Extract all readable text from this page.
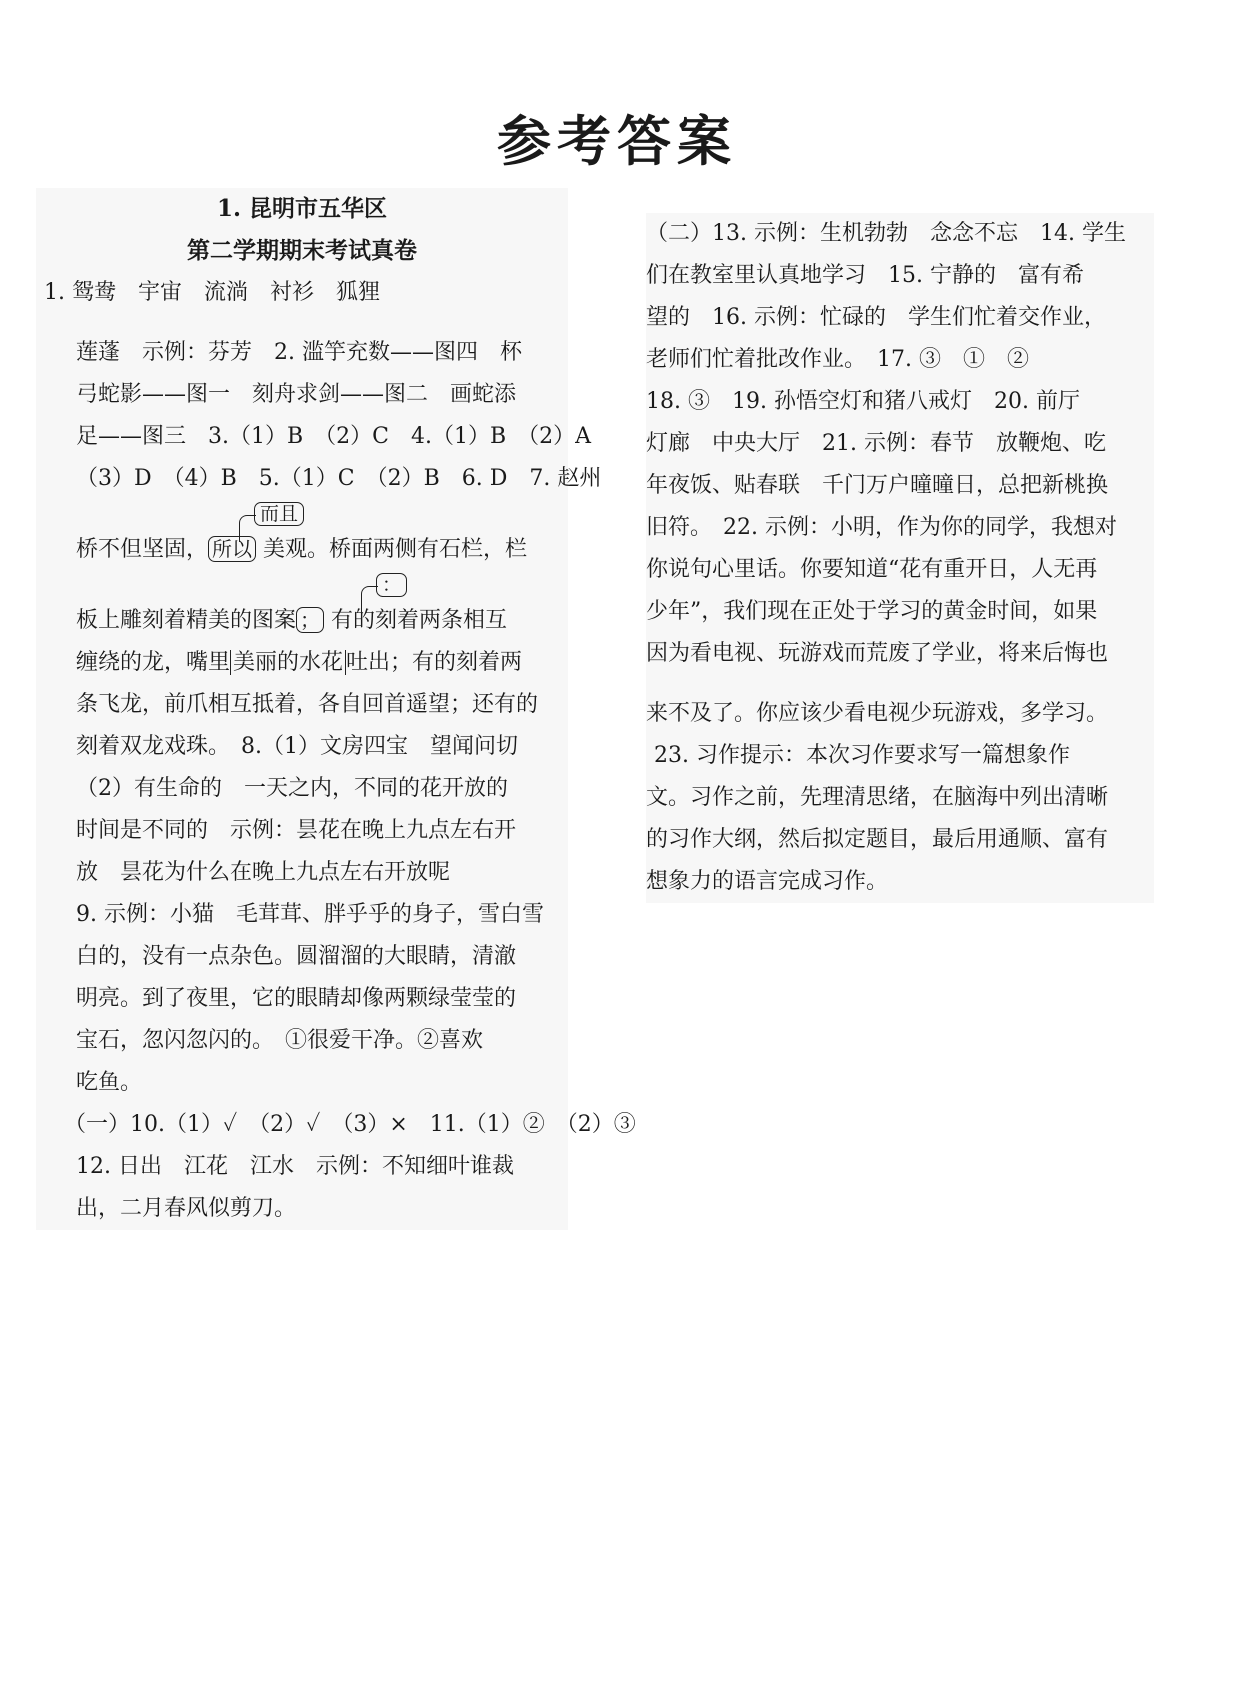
参考答案
1. 昆明市五华区
第二学期期末考试真卷
1. 鸳鸯　宇宙　流淌　衬衫　狐狸
莲蓬　示例：芬芳　2. 滥竽充数——图四　杯
弓蛇影——图一　刻舟求剑——图二　画蛇添
足——图三　3.（1）B　（2）C　4.（1）B　（2）A
（3）D　（4）B　5.（1）C　（2）B　6. D　7. 赵州
而且
桥不但坚固， 所以 美观。桥面两侧有石栏，栏
：
板上雕刻着精美的图案 ； 有的刻着两条相互
缠绕的龙，嘴里 美丽的水花 吐出；有的刻着两
条飞龙，前爪相互抵着，各自回首遥望；还有的
刻着双龙戏珠。　8.（1）文房四宝　望闻问切
（2）有生命的　一天之内，不同的花开放的
时间是不同的　示例：昙花在晚上九点左右开
放　昙花为什么在晚上九点左右开放呢
9. 示例：小猫　毛茸茸、胖乎乎的身子，雪白雪
白的，没有一点杂色。圆溜溜的大眼睛，清澈
明亮。到了夜里，它的眼睛却像两颗绿莹莹的
宝石，忽闪忽闪的。　①很爱干净。②喜欢
吃鱼。
（一）10.（1）✓　（2）✓　（3）×　11.（1）②　（2）③
12. 日出　江花　江水　示例：不知细叶谁裁
出，二月春风似剪刀。
（二）13. 示例：生机勃勃　念念不忘　14. 学生
们在教室里认真地学习　15. 宁静的　富有希
望的　16. 示例：忙碌的　学生们忙着交作业，
老师们忙着批改作业。　17. ③　①　②
18. ③　19. 孙悟空灯和猪八戒灯　20. 前厅
灯廊　中央大厅　21. 示例：春节　放鞭炮、吃
年夜饭、贴春联　千门万户曈曈日，总把新桃换
旧符。　22. 示例：小明，作为你的同学，我想对
你说句心里话。你要知道“花有重开日，人无再
少年”，我们现在正处于学习的黄金时间，如果
因为看电视、玩游戏而荒废了学业，将来后悔也
来不及了。你应该少看电视少玩游戏，多学习。
23. 习作提示：本次习作要求写一篇想象作
文。习作之前，先理清思绪，在脑海中列出清晰
的习作大纲，然后拟定题目，最后用通顺、富有
想象力的语言完成习作。
